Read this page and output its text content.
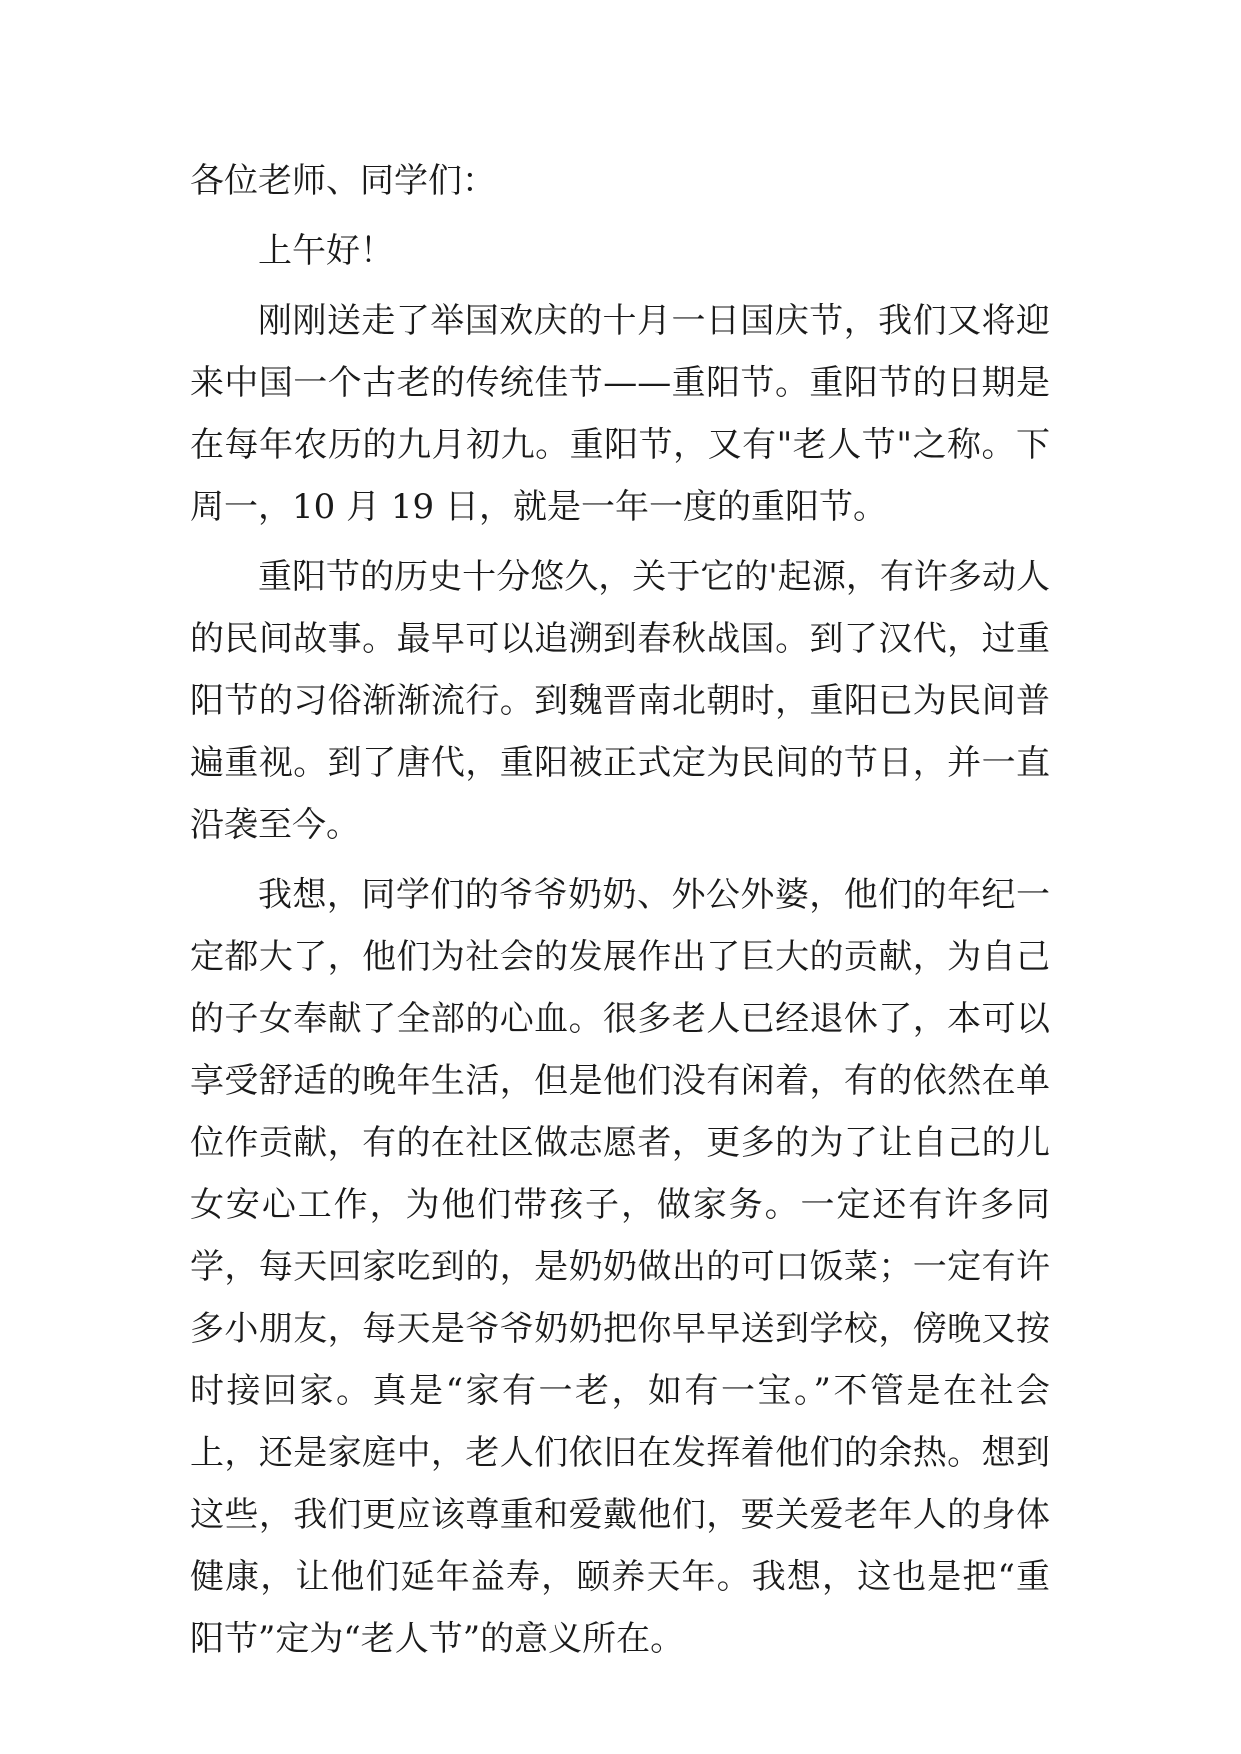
各位老师、同学们：

上午好！

刚刚送走了举国欢庆的十月一日国庆节，我们又将迎来中国一个古老的传统佳节——重阳节。重阳节的日期是在每年农历的九月初九。重阳节，又有"老人节"之称。下周一，10 月 19 日，就是一年一度的重阳节。

重阳节的历史十分悠久，关于它的'起源，有许多动人的民间故事。最早可以追溯到春秋战国。到了汉代，过重阳节的习俗渐渐流行。到魏晋南北朝时，重阳已为民间普遍重视。到了唐代，重阳被正式定为民间的节日，并一直沿袭至今。

我想，同学们的爷爷奶奶、外公外婆，他们的年纪一定都大了，他们为社会的发展作出了巨大的贡献，为自己的子女奉献了全部的心血。很多老人已经退休了，本可以享受舒适的晚年生活，但是他们没有闲着，有的依然在单位作贡献，有的在社区做志愿者，更多的为了让自己的儿女安心工作，为他们带孩子，做家务。一定还有许多同学，每天回家吃到的，是奶奶做出的可口饭菜；一定有许多小朋友，每天是爷爷奶奶把你早早送到学校，傍晚又按时接回家。真是“家有一老，如有一宝。”不管是在社会上，还是家庭中，老人们依旧在发挥着他们的余热。想到这些，我们更应该尊重和爱戴他们，要关爱老年人的身体健康，让他们延年益寿，颐养天年。我想，这也是把“重阳节”定为“老人节”的意义所在。
